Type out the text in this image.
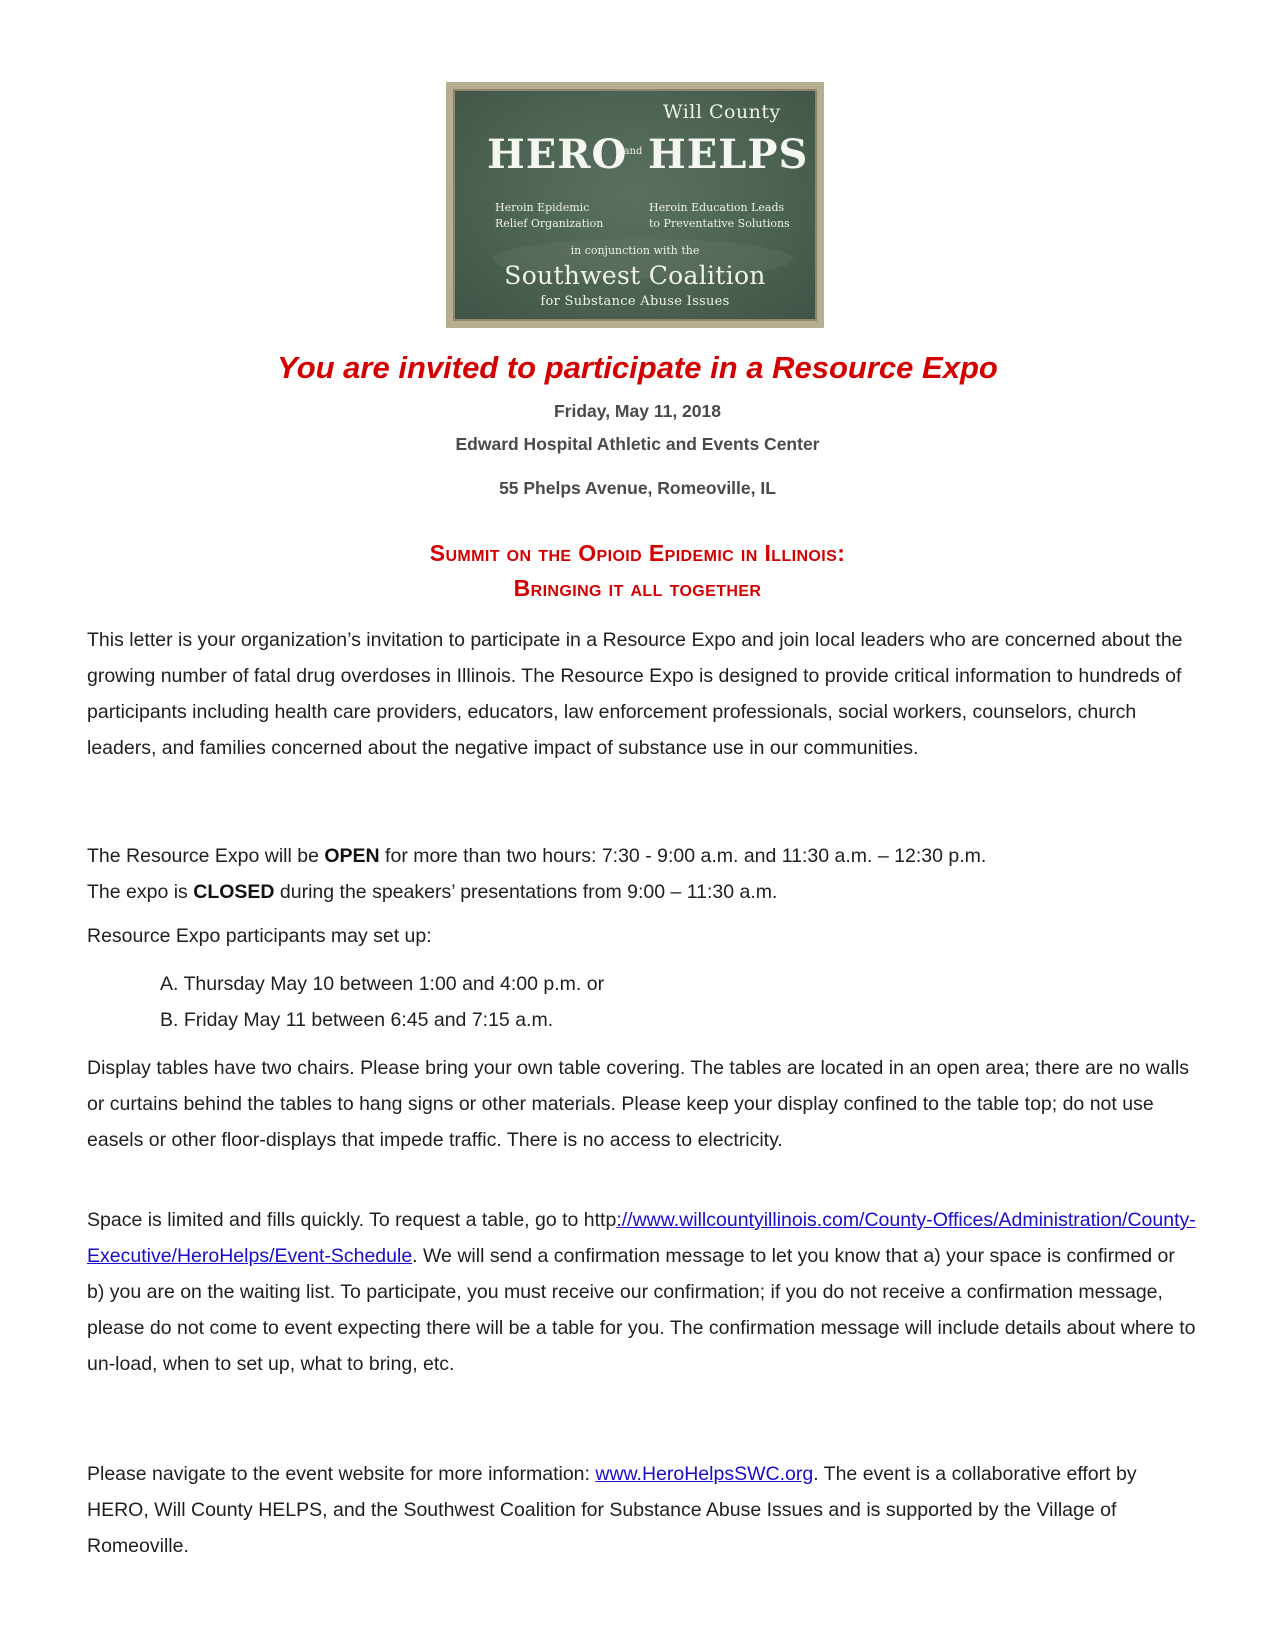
Will County
HERO
and HELPS
Heroin Epidemic
Relief Organization
Heroin Education Leads
to Preventative Solutions
in conjunction with the
Southwest Coalition
for Substance Abuse Issues
You are invited to participate in a Resource Expo
Friday, May 11, 2018
Edward Hospital Athletic and Events Center
55 Phelps Avenue, Romeoville, IL
Summit on the Opioid Epidemic in Illinois:
Bringing it all together
This letter is your organization’s invitation to participate in a Resource Expo and join local leaders who are concerned about the growing number of fatal drug overdoses in Illinois. The Resource Expo is designed to provide critical information to hundreds of participants including health care providers, educators, law enforcement professionals, social workers, counselors, church leaders, and families concerned about the negative impact of substance use in our communities.
The Resource Expo will be OPEN for more than two hours: 7:30 - 9:00 a.m. and 11:30 a.m. – 12:30 p.m.
The expo is CLOSED during the speakers’ presentations from 9:00 – 11:30 a.m.
Resource Expo participants may set up:
A. Thursday May 10 between 1:00 and 4:00 p.m. or
B. Friday May 11 between 6:45 and 7:15 a.m.
Display tables have two chairs. Please bring your own table covering. The tables are located in an open area; there are no walls or curtains behind the tables to hang signs or other materials. Please keep your display confined to the table top; do not use easels or other floor-displays that impede traffic. There is no access to electricity.
Space is limited and fills quickly. To request a table, go to http://www.willcountyillinois.com/County-Offices/Administration/County-Executive/HeroHelps/Event-Schedule. We will send a confirmation message to let you know that a) your space is confirmed or b) you are on the waiting list. To participate, you must receive our confirmation; if you do not receive a confirmation message, please do not come to event expecting there will be a table for you. The confirmation message will include details about where to un-load, when to set up, what to bring, etc.
Please navigate to the event website for more information: www.HeroHelpsSWC.org. The event is a collaborative effort by HERO, Will County HELPS, and the Southwest Coalition for Substance Abuse Issues and is supported by the Village of Romeoville.
